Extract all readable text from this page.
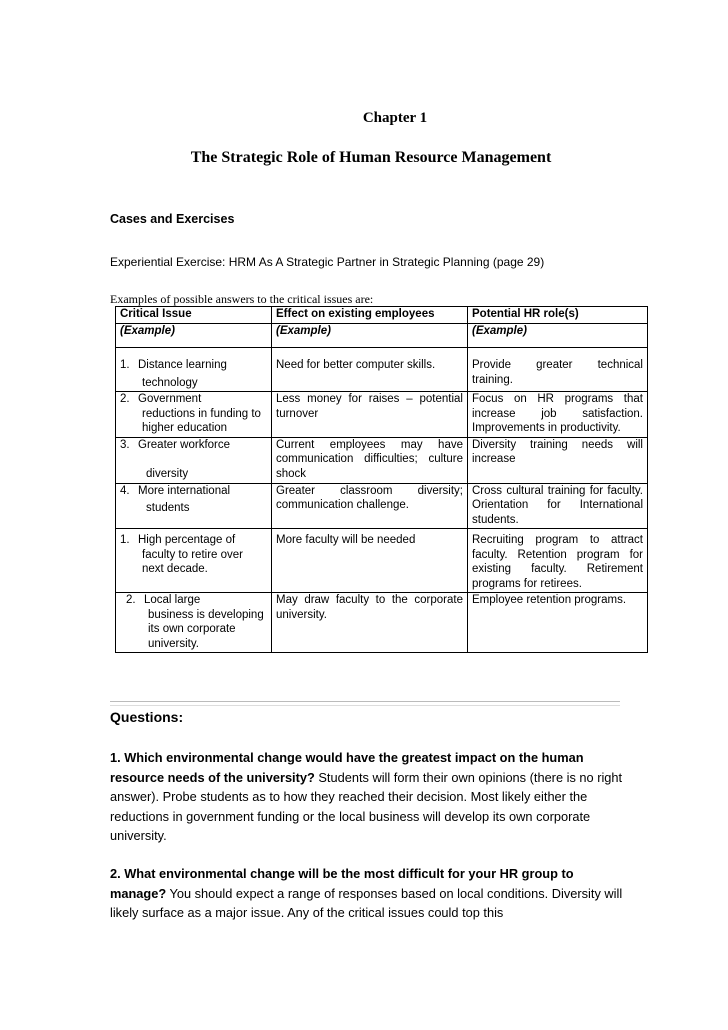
Chapter 1
The Strategic Role of Human Resource Management
Cases and Exercises
Experiential Exercise: HRM As A Strategic Partner in Strategic Planning (page 29)
Examples of possible answers to the critical issues are:
Critical Issue	Effect on existing employees	Potential HR role(s)
(Example)	(Example)	(Example)
1. Distance learning
technology	Need for better computer skills.	Provide greater technical training.
2. Government
reductions in funding to higher education	Less money for raises – potential turnover	Focus on HR programs that increase job satisfaction. Improvements in productivity.
3. Greater workforce
diversity	Current employees may have communication difficulties; culture shock	Diversity training needs will increase
4. More international
students	Greater classroom diversity; communication challenge.	Cross cultural training for faculty. Orientation for International students.
1. High percentage of
faculty to retire over next decade.	More faculty will be needed	Recruiting program to attract faculty. Retention program for existing faculty. Retirement programs for retirees.
2. Local large
business is developing its own corporate university.	May draw faculty to the corporate university.	Employee retention programs.
Questions:
1. Which environmental change would have the greatest impact on the human resource needs of the university? Students will form their own opinions (there is no right answer). Probe students as to how they reached their decision. Most likely either the reductions in government funding or the local business will develop its own corporate university.
2. What environmental change will be the most difficult for your HR group to manage? You should expect a range of responses based on local conditions. Diversity will likely surface as a major issue. Any of the critical issues could top this
